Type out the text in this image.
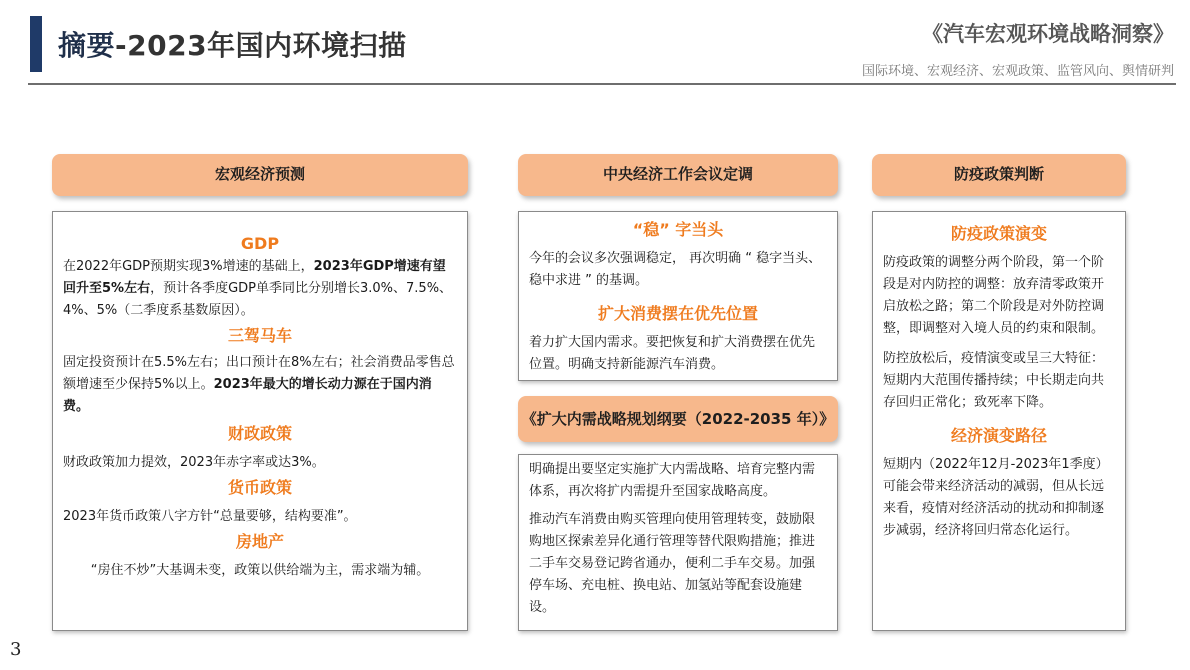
摘要-2023年国内环境扫描	《汽车宏观环境战略洞察》
国际环境、宏观经济、宏观政策、监管风向、舆情研判
宏观经济预测
GDP

在2022年GDP预期实现3%增速的基础上，2023年GDP增速有望回升至5%左右，预计各季度GDP单季同比分别增长3.0%、7.5%、4%、5%（二季度系基数原因）。

三驾马车

固定投资预计在5.5%左右；出口预计在8%左右；社会消费品零售总额增速至少保持5%以上。2023年最大的增长动力源在于国内消费。

财政政策

财政政策加力提效，2023年赤字率或达3%。

货币政策

2023年货币政策八字方针“总量要够，结构要准”。

房地产

“房住不炒”大基调未变，政策以供给端为主，需求端为辅。

中央经济工作会议定调
“稳” 字当头

今年的会议多次强调稳定， 再次明确 “ 稳字当头、稳中求进 ” 的基调。

扩大消费摆在优先位置

着力扩大国内需求。要把恢复和扩大消费摆在优先位置。明确支持新能源汽车消费。

《扩大内需战略规划纲要（2022-2035 年）》

明确提出要坚定实施扩大内需战略、培育完整内需体系，再次将扩内需提升至国家战略高度。

推动汽车消费由购买管理向使用管理转变，鼓励限购地区探索差异化通行管理等替代限购措施；推进二手车交易登记跨省通办，便利二手车交易。加强停车场、充电桩、换电站、加氢站等配套设施建设。

防疫政策判断
防疫政策演变

防疫政策的调整分两个阶段，第一个阶段是对内防控的调整：放弃清零政策开启放松之路；第二个阶段是对外防控调整，即调整对入境人员的约束和限制。

防控放松后，疫情演变或呈三大特征：短期内大范围传播持续；中长期走向共存回归正常化；致死率下降。

经济演变路径

短期内（2022年12月-2023年1季度）可能会带来经济活动的减弱，但从长远来看，疫情对经济活动的扰动和抑制逐步减弱，经济将回归常态化运行。

3
